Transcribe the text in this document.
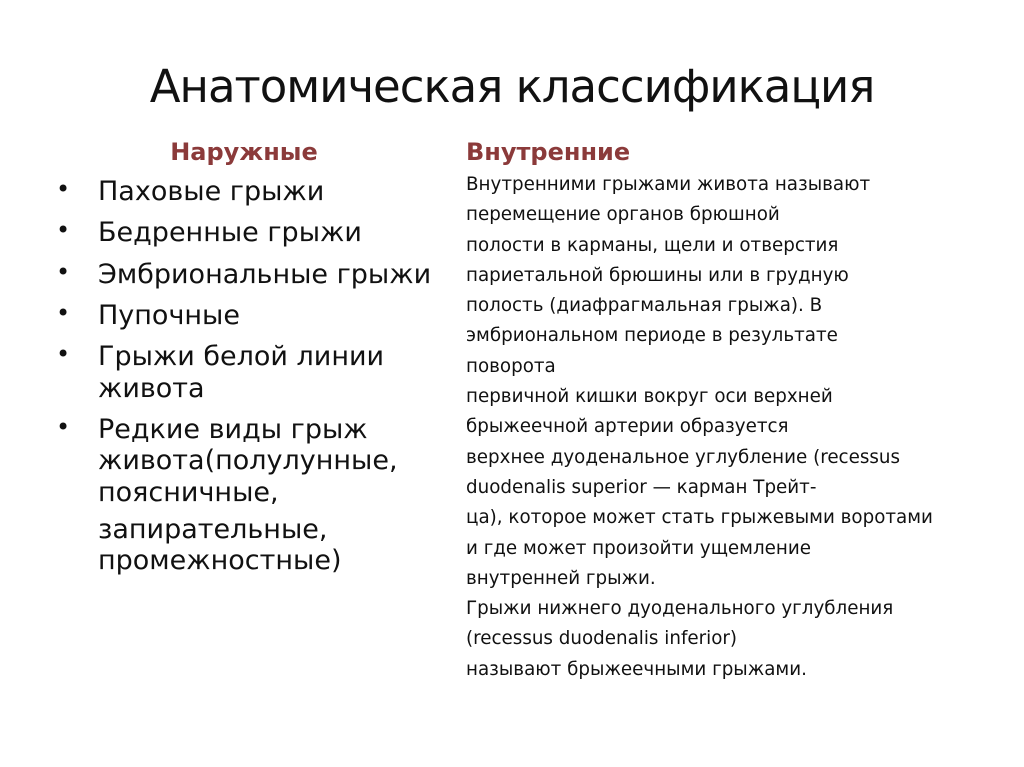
Анатомическая классификация
Наружные
• Паховые грыжи
• Бедренные грыжи
• Эмбриональные грыжи
• Пупочные
• Грыжи белой линии живота
• Редкие виды грыж живота(полулунные, поясничные,
запирательные, промежностные)
Внутренние
Внутренними грыжами живота называют
перемещение органов брюшной
полости в карманы, щели и отверстия
париетальной брюшины или в грудную
полость (диафрагмальная грыжа). В
эмбриональном периоде в результате
поворота
первичной кишки вокруг оси верхней
брыжеечной артерии образуется
верхнее дуоденальное углубление (recessus
duodenalis superior — карман Трейт-
ца), которое может стать грыжевыми воротами
и где может произойти ущемление
внутренней грыжи.
Грыжи нижнего дуоденального углубления
(recessus duodenalis inferior)
называют брыжеечными грыжами.
